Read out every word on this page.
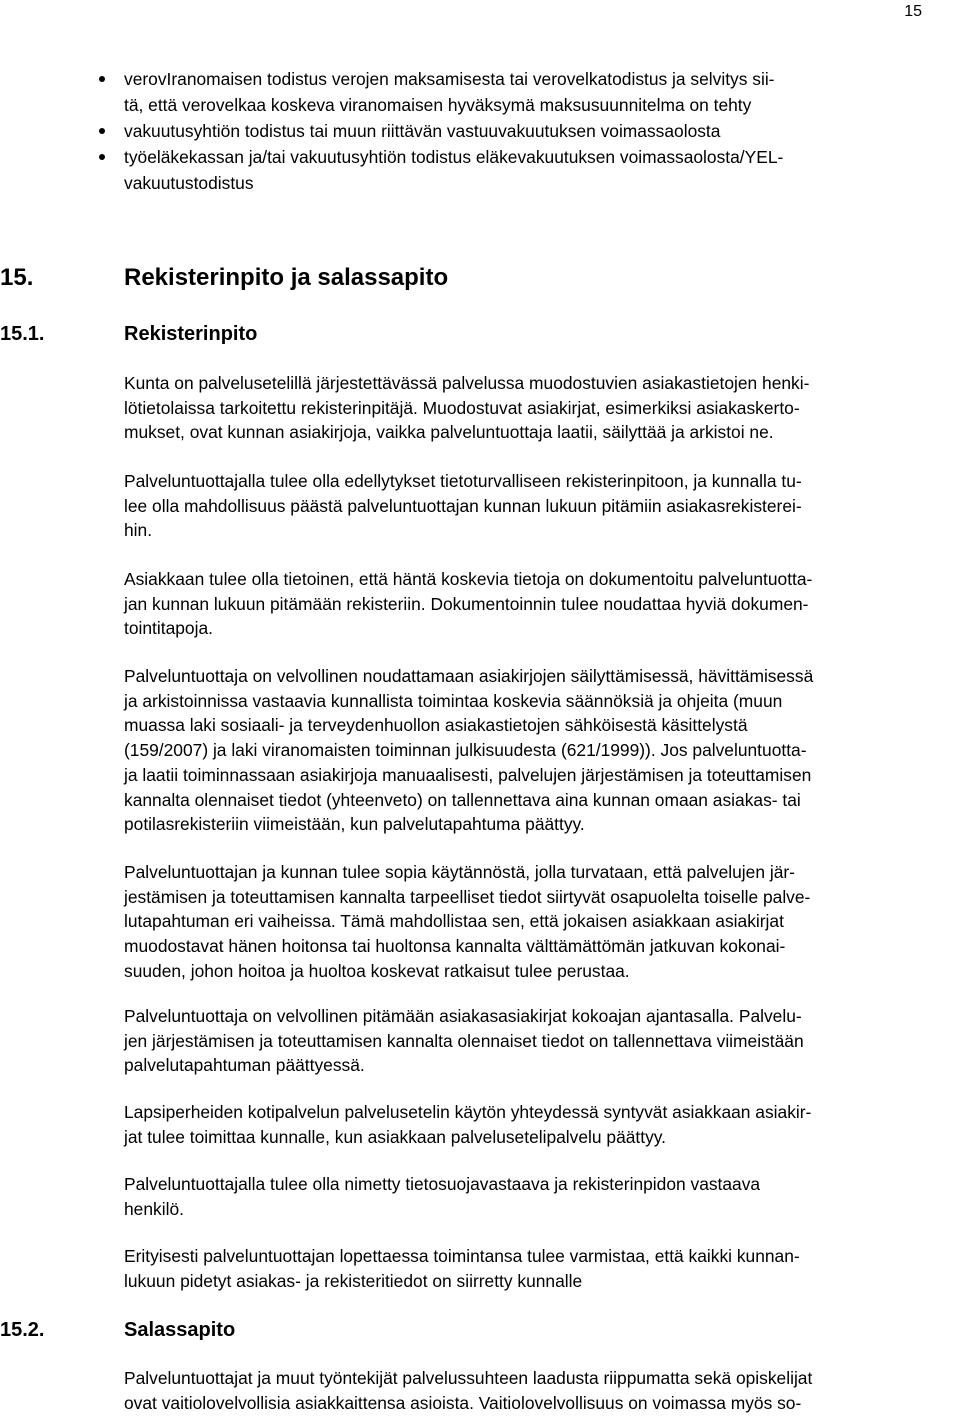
15
verovIranomaisen todistus verojen maksamisesta tai verovelkatodistus ja selvitys sii-
tä, että verovelkaa koskeva viranomaisen hyväksymä maksusuunnitelma on tehty
vakuutusyhtiön todistus tai muun riittävän vastuuvakuutuksen voimassaolosta
työeläkekassan ja/tai vakuutusyhtiön todistus eläkevakuutuksen voimassaolosta/YEL-
vakuutustodistus
15.	Rekisterinpito ja salassapito
15.1.	Rekisterinpito

Kunta on palvelusetelillä järjestettävässä palvelussa muodostuvien asiakastietojen henki-
lötietolaissa tarkoitettu rekisterinpitäjä. Muodostuvat asiakirjat, esimerkiksi asiakaskerto-
mukset, ovat kunnan asiakirjoja, vaikka palveluntuottaja laatii, säilyttää ja arkistoi ne.

Palveluntuottajalla tulee olla edellytykset tietoturvalliseen rekisterinpitoon, ja kunnalla tu-
lee olla mahdollisuus päästä palveluntuottajan kunnan lukuun pitämiin asiakasrekisterei-
hin.

Asiakkaan tulee olla tietoinen, että häntä koskevia tietoja on dokumentoitu palveluntuotta-
jan kunnan lukuun pitämään rekisteriin. Dokumentoinnin tulee noudattaa hyviä dokumen-
tointitapoja.

Palveluntuottaja on velvollinen noudattamaan asiakirjojen säilyttämisessä, hävittämisessä
ja arkistoinnissa vastaavia kunnallista toimintaa koskevia säännöksiä ja ohjeita (muun
muassa laki sosiaali- ja terveydenhuollon asiakastietojen sähköisestä käsittelystä
(159/2007) ja laki viranomaisten toiminnan julkisuudesta (621/1999)). Jos palveluntuotta-
ja laatii toiminnassaan asiakirjoja manuaalisesti, palvelujen järjestämisen ja toteuttamisen
kannalta olennaiset tiedot (yhteenveto) on tallennettava aina kunnan omaan asiakas- tai
potilasrekisteriin viimeistään, kun palvelutapahtuma päättyy.

Palveluntuottajan ja kunnan tulee sopia käytännöstä, jolla turvataan, että palvelujen jär-
jestämisen ja toteuttamisen kannalta tarpeelliset tiedot siirtyvät osapuolelta toiselle palve-
lutapahtuman eri vaiheissa. Tämä mahdollistaa sen, että jokaisen asiakkaan asiakirjat
muodostavat hänen hoitonsa tai huoltonsa kannalta välttämättömän jatkuvan kokonai-
suuden, johon hoitoa ja huoltoa koskevat ratkaisut tulee perustaa.

Palveluntuottaja on velvollinen pitämään asiakasasiakirjat kokoajan ajantasalla. Palvelu-
jen järjestämisen ja toteuttamisen kannalta olennaiset tiedot on tallennettava viimeistään
palvelutapahtuman päättyessä.

Lapsiperheiden kotipalvelun palvelusetelin käytön yhteydessä syntyvät asiakkaan asiakir-
jat tulee toimittaa kunnalle, kun asiakkaan palvelusetelipalvelu päättyy.

Palveluntuottajalla tulee olla nimetty tietosuojavastaava ja rekisterinpidon vastaava
henkilö.

Erityisesti palveluntuottajan lopettaessa toimintansa tulee varmistaa, että kaikki kunnan-
lukuun pidetyt asiakas- ja rekisteritiedot on siirretty kunnalle

15.2.	Salassapito

Palveluntuottajat ja muut työntekijät palvelussuhteen laadusta riippumatta sekä opiskelijat
ovat vaitiolovelvollisia asiakkaittensa asioista. Vaitiolovelvollisuus on voimassa myös so-
